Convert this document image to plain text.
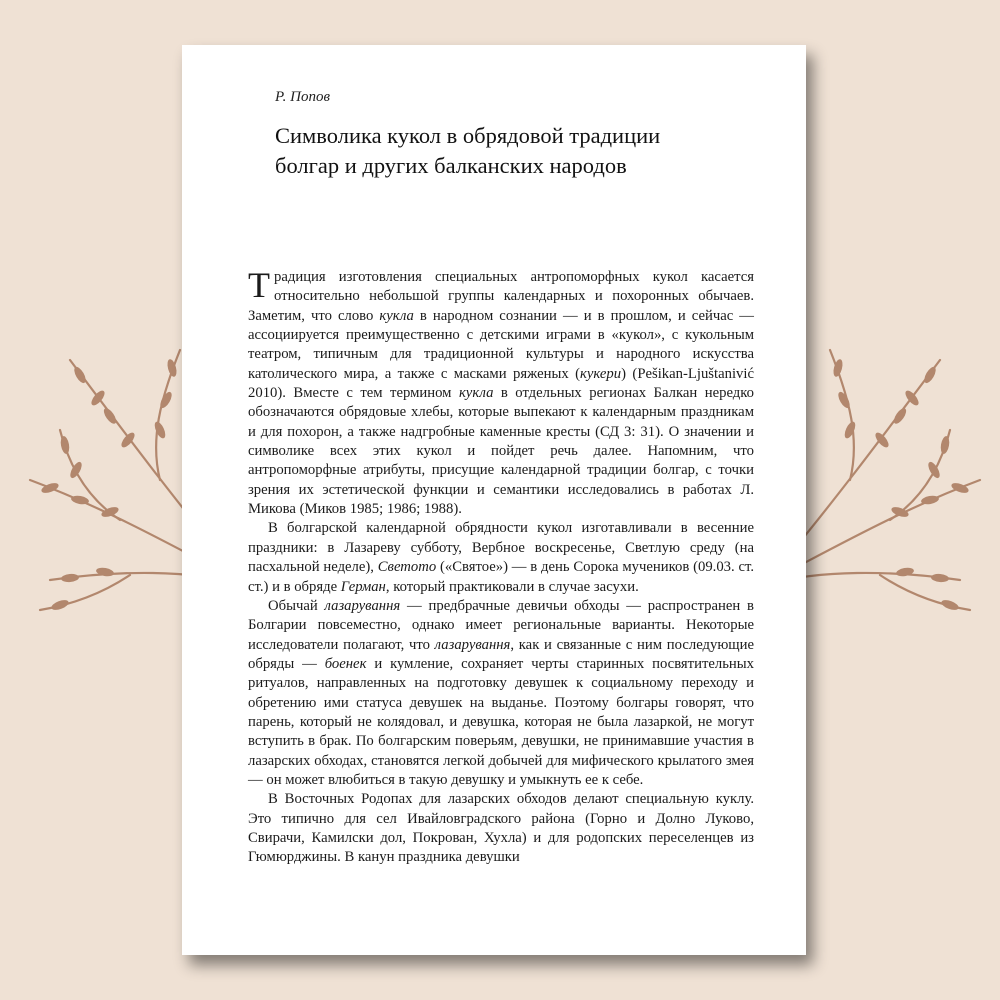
Р. Попов
Символика кукол в обрядовой традиции
болгар и других балканских народов

Традиция изготовления специальных антропоморфных кукол касается относительно небольшой группы календарных и похоронных обычаев. Заметим, что слово кукла в народном сознании — и в прошлом, и сейчас — ассоциируется преимущественно с детскими играми в «кукол», с кукольным театром, типичным для традиционной культуры и народного искусства католического мира, а также с масками ряженых (кукери) (Pešikan-Ljuštanivić 2010). Вместе с тем термином кукла в отдельных регионах Балкан нередко обозначаются обрядовые хлебы, которые выпекают к календарным праздникам и для похорон, а также надгробные каменные кресты (СД 3: 31). О значении и символике всех этих кукол и пойдет речь далее. Напомним, что антропоморфные атрибуты, присущие календарной традиции болгар, с точки зрения их эстетической функции и семантики исследовались в работах Л. Микова (Миков 1985; 1986; 1988).

В болгарской календарной обрядности кукол изготавливали в весенние праздники: в Лазареву субботу, Вербное воскресенье, Светлую среду (на пасхальной неделе), Светото («Святое») — в день Сорока мучеников (09.03. ст. ст.) и в обряде Герман, который практиковали в случае засухи.

Обычай лазарування — предбрачные девичьи обходы — распространен в Болгарии повсеместно, однако имеет региональные варианты. Некоторые исследователи полагают, что лазарування, как и связанные с ним последующие обряды — боенек и кумление, сохраняет черты старинных посвятительных ритуалов, направленных на подготовку девушек к социальному переходу и обретению ими статуса девушек на выданье. Поэтому болгары говорят, что парень, который не колядовал, и девушка, которая не была лазаркой, не могут вступить в брак. По болгарским поверьям, девушки, не принимавшие участия в лазарских обходах, становятся легкой добычей для мифического крылатого змея — он может влюбиться в такую девушку и умыкнуть ее к себе.

В Восточных Родопах для лазарских обходов делают специальную куклу. Это типично для сел Ивайловградского района (Горно и Долно Луково, Свирачи, Камилски дол, Покрован, Хухла) и для родопских переселенцев из Гюмюрджины. В канун праздника девушки
